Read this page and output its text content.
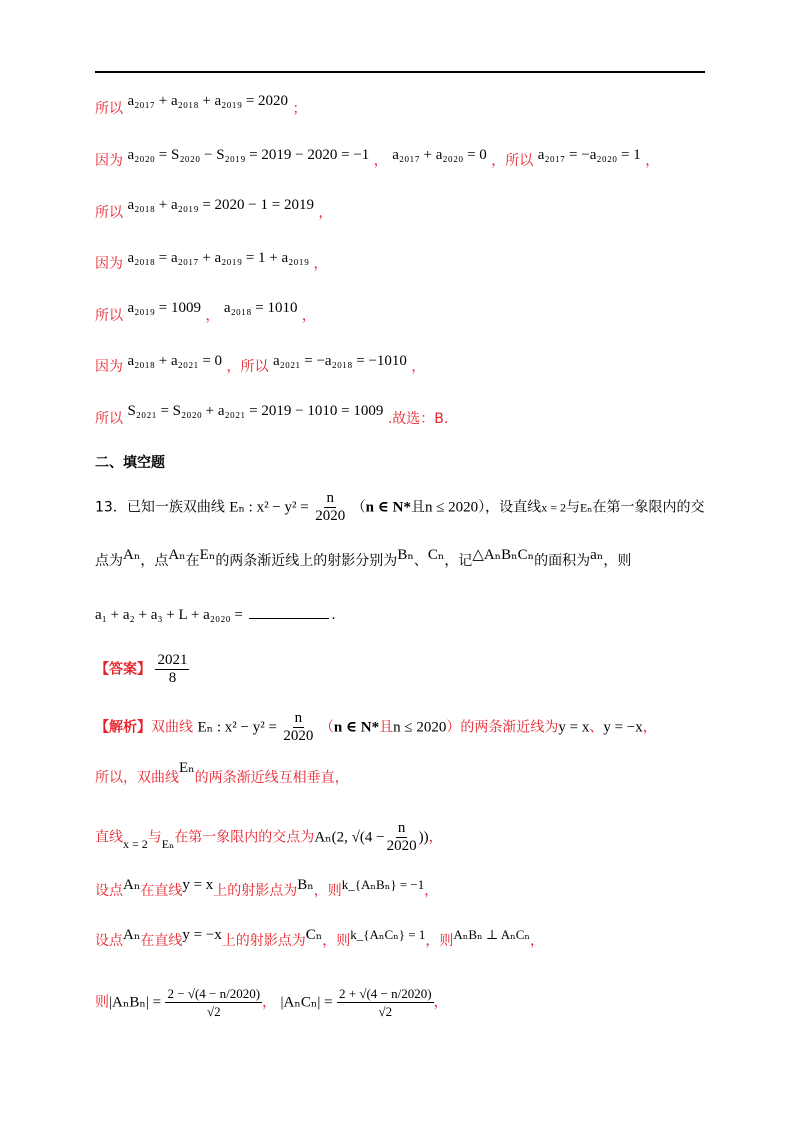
所以 a₂₀₁₇ + a₂₀₁₈ + a₂₀₁₉ = 2020 ；
因为 a₂₀₂₀ = S₂₀₂₀ − S₂₀₁₉ = 2019 − 2020 = −1 ， a₂₀₁₇ + a₂₀₂₀ = 0 ，所以 a₂₀₁₇ = −a₂₀₂₀ = 1 ，
所以 a₂₀₁₈ + a₂₀₁₉ = 2020 − 1 = 2019 ，
因为 a₂₀₁₈ = a₂₀₁₇ + a₂₀₁₉ = 1 + a₂₀₁₉ ，
所以 a₂₀₁₉ = 1009 ， a₂₀₁₈ = 1010 ，
因为 a₂₀₁₈ + a₂₀₂₁ = 0 ，所以 a₂₀₂₁ = −a₂₀₁₈ = −1010 ，
所以 S₂₀₂₁ = S₂₀₂₀ + a₂₀₂₁ = 2019 − 1010 = 1009 .故选：B.
二、填空题
13．已知一族双曲线 Eₙ : $x^2 - y^2 = \frac{n}{2020} (n$ ∈ N*且n ≤ 2020），设直线x = 2与Eₙ在第一象限内的交
点为Aₙ，点Aₙ在Eₙ的两条渐近线上的射影分别为Bₙ、Cₙ，记△AₙBₙCₙ的面积为aₙ，则
a₁ + a₂ + a₃ + L + a₂₀₂₀ =	.
【答案】 $\frac{2021}{8}$
【解析】双曲线 Eₙ : $x^2 - y^2 = \frac{n}{2020} (n$ ∈ N*且n ≤ 2020）的两条渐近线为y = x、y = −x，
所以，双曲线Eₙ的两条渐近线互相垂直，
直线x = 2与Eₙ在第一象限内的交点为Aₙ(2, $√(4 - \frac{n}{2020}$ ))，
设点Aₙ在直线y = x上的射影点为Bₙ，则k_{AₙBₙ} = −1，
设点Aₙ在直线y = −x上的射影点为Cₙ，则k_{AₙCₙ} = 1，则AₙBₙ ⊥ AₙCₙ，
则$|A_nB_n| = \frac{2 - √(4 - n/2020)}{√2}$ ， $|A_nC_n| = \frac{2 + √(4 - n/2020)}{√2}$ ，
